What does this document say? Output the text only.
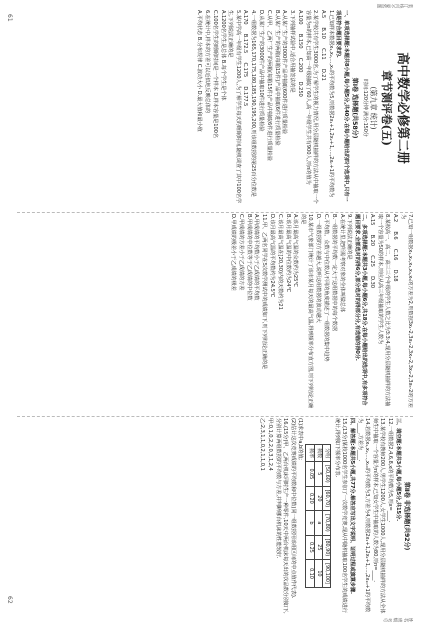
装订线内不要答题
高中数学必修第二册
章节测评卷(五)
(第九章 统计)
时间:120分钟 满分:150分
第Ⅰ卷 选择题(共58分)

一、单项选择题:本题共8小题,每小题5分,共40分.在每小题给出的四个选项中,只有一项是符合题目要求的.

1.已知样本数据x₁,x₂,…,xₙ的平均数为5,则数据2x₁+1,2x₂+1,…,2xₙ+1的平均数为

A.5      B.10      C.11      D.21

2.某学校共有学生3000名,为了解学生的视力情况,用分层随机抽样的方法从中抽取一个容量为n的样本,已知高一年级抽取了60人,高一年级学生共有900人,则n的值为

A.100      B.150      C.200      D.250

3.下列抽样试验中,适合用抽签法的是

A.从某厂生产的3000件产品中抽取600件进行质量检验

B.从某厂生产的两箱(每箱15件)产品中抽取6件进行质量检验

C.从甲、乙两厂生产的两箱(每箱15件)产品中抽取6件进行质量检验

D.从某厂生产的3000件产品中抽取10件进行质量检验

4.一组数据为165,170,175,180,185,190,195,200,则该组数据的第25百分位数是

A.170      B.172.5      C.175      D.177.5

5.某中学高一年级有学生1200人,为了解学生每天的睡眠时间,随机调查了其中100名学生,下列说法正确的是

A.1200名学生是总体 B.每个学生是个体

C.100名学生的睡眠时间是一个样本 D.样本容量是100名

6.在统计中,样本的方差可以近似地反映总体的

A.平均状态 B.分布规律 C.波动大小 D.最大值和最小值

7.已知一组数据x₁,x₂,x₃,x₄,x₅的方差为2,则数据3x₁-2,3x₂-2,3x₃-2,3x₄-2,3x₅-2的方差为

A.2      B.6      C.16      D.18

8.某校高一、高二、高三三个年级的学生人数之比为3:3:4,现用分层随机抽样的方法抽取一个容量为50的样本,则应从高三年级抽取的学生人数为

A.15      B.20      C.25      D.30

二、多项选择题:本题共3小题,每小题6分,共18分.在每小题给出的选项中,有多项符合题目要求.全部选对的得6分,部分选对的得部分分,有选错的得0分.

9.下列说法正确的是

A.在统计里,把所需考察对象的全体叫做总体

B.一组数据的平均数一定大于这组数据中的每个数据

C.平均数、众数与中位数从不同的角度描述了一组数据的集中趋势

D.一组数据的方差越大,说明这组数据的波动越大

10.某市气象部门统计了该市某月每天的最高气温,得到频率分布直方图,则下列结论正确的是

A.该月最高气温的众数约为25℃

B.该月最高气温的中位数约为24℃

C.该月最高气温在[20,30)内的天数约为21

D.该月最高气温的平均数约为24.5℃

11.甲、乙两名同学在5次数学测试中的成绩如下,则下列结论正确的是

A.甲成绩的平均数小于乙成绩的平均数

B.甲成绩的中位数等于乙成绩的中位数

C.甲成绩的方差小于乙成绩的方差

D.甲成绩的极差小于乙成绩的极差

第Ⅱ卷 非选择题(共92分)

三、填空题:本题共3小题,每小题5分,共15分.

12.一组数据2,4,6,8,x的平均数为5,则x=____.

13.某学校有教师200人,男学生1200人,女学生1000人,现用分层随机抽样的方法从全体师生中抽取一个容量为n的样本,已知女学生中抽取的人数为80,则n=____.

14.若数据x₁,x₂,…,x₁₀的平均数为3,方差为4,则数据2x₁+1,2x₂+1,…,2x₁₀+1的平均数为____,方差为____.

四、解答题:本题共5小题,共77分.解答应写出文字说明、证明过程或演算步骤.

15.(13分)某校1000名学生参加了一次数学竞赛,现从中随机抽取100名学生的成绩进行统计,得到如下频率分布表.

分组	[50,60)	[60,70)	[70,80)	[80,90)	[90,100]
频数	5	20	a	25	10
频率	0.05	0.20	b	0.25	0.10

(1)求表中a,b的值;

(2)估计这次竞赛成绩的平均数和中位数(同一组数据用该组区间的中点值作代表).

16.(15分)甲、乙两台机床同时生产一种零件,10天中两台机床每天出的次品数分别如下,分别计算两组数据的平均数与方差,并判断哪台机床的性能较好.

甲:0,1,0,2,2,0,3,1,2,4

乙:2,3,1,1,0,2,1,1,0,1

姓名 班级 考号
61
62
